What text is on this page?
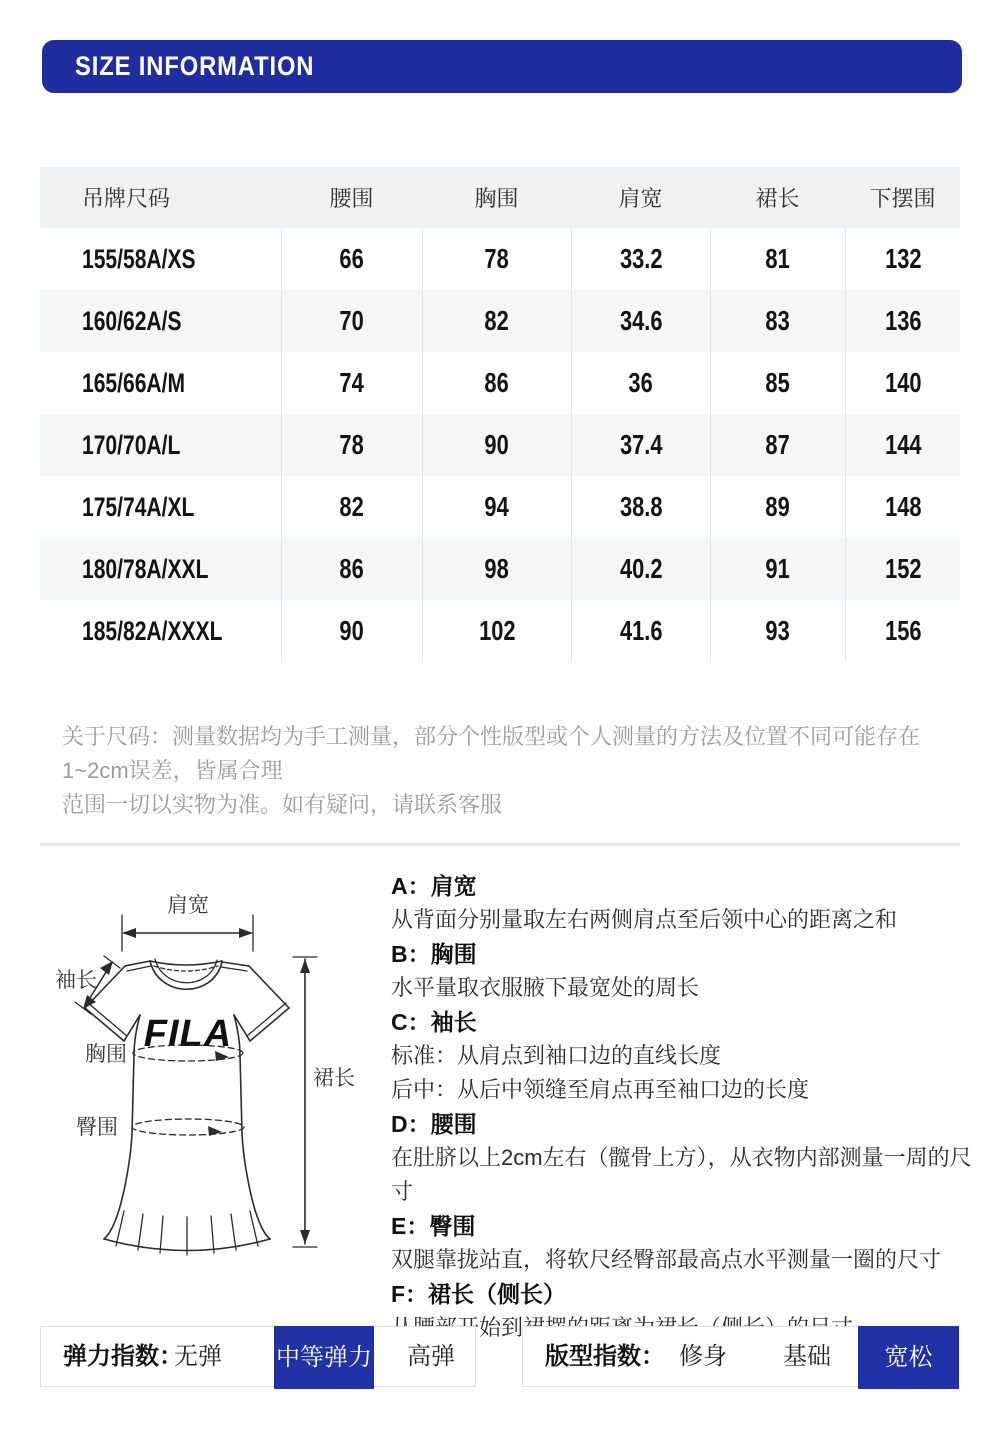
SIZE INFORMATION
吊牌尺码	腰围	胸围	肩宽	裙长	下摆围
155/58A/XS	66	78	33.2	81	132
160/62A/S	70	82	34.6	83	136
165/66A/M	74	86	36	85	140
170/70A/L	78	90	37.4	87	144
175/74A/XL	82	94	38.8	89	148
180/78A/XXL	86	98	40.2	91	152
185/82A/XXXL	90	102	41.6	93	156
关于尺码：测量数据均为手工测量，部分个性版型或个人测量的方法及位置不同可能存在1~2cm误差，皆属合理
范围一切以实物为准。如有疑问，请联系客服
肩宽
袖长
FILA
胸围
臀围
裙长
A：肩宽
从背面分别量取左右两侧肩点至后领中心的距离之和
B：胸围
水平量取衣服腋下最宽处的周长
C：袖长
标准：从肩点到袖口边的直线长度
后中：从后中领缝至肩点再至袖口边的长度
D：腰围
在肚脐以上2cm左右（髋骨上方），从衣物内部测量一周的尺寸
E：臀围
双腿靠拢站直，将软尺经臀部最高点水平测量一圈的尺寸
F：裙长（侧长）
弹力指数：
无弹	中等弹力	高弹	版型指数： 修身	基础	宽松
